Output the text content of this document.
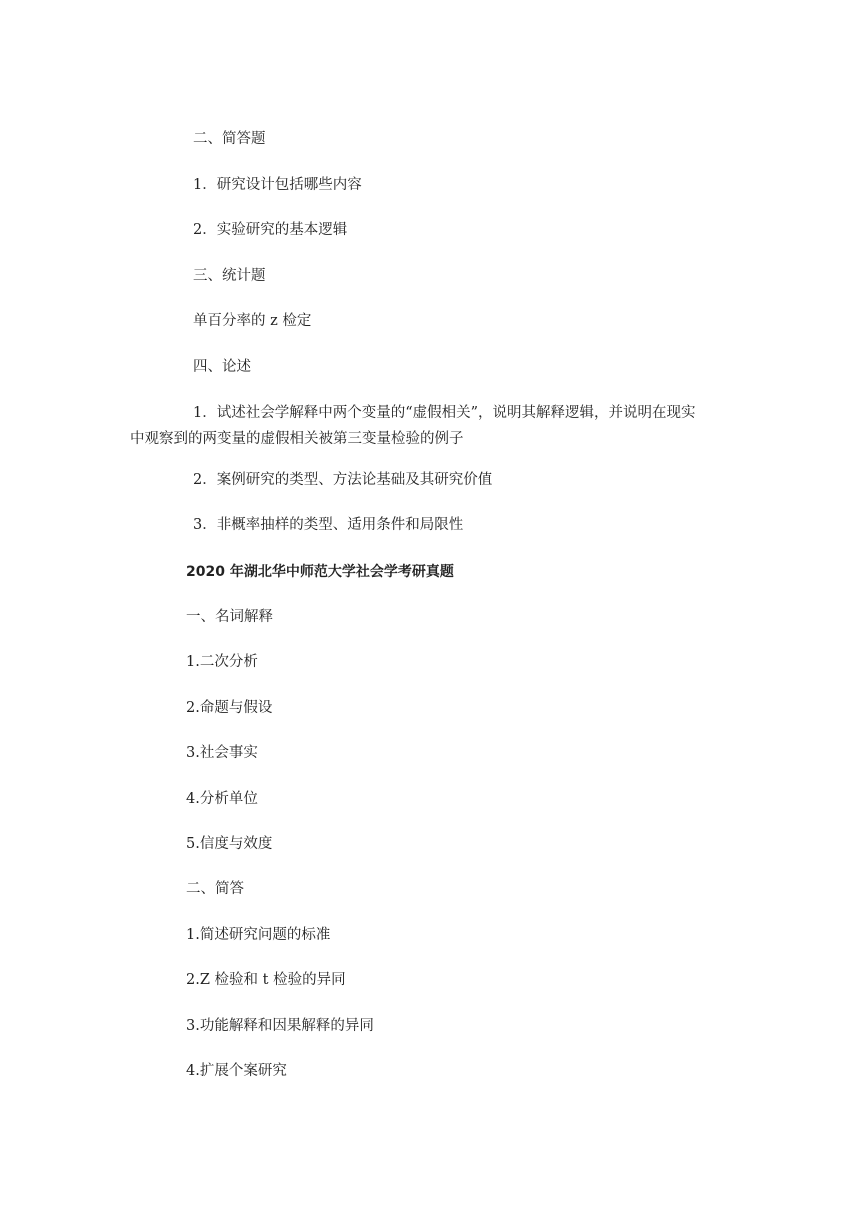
二、简答题
1．研究设计包括哪些内容
2．实验研究的基本逻辑
三、统计题
单百分率的 z 检定
四、论述
1．试述社会学解释中两个变量的“虚假相关”，说明其解释逻辑，并说明在现实
中观察到的两变量的虚假相关被第三变量检验的例子
2．案例研究的类型、方法论基础及其研究价值
3．非概率抽样的类型、适用条件和局限性
2020 年湖北华中师范大学社会学考研真题
一、名词解释
1.二次分析
2.命题与假设
3.社会事实
4.分析单位
5.信度与效度
二、简答
1.简述研究问题的标准
2.Z 检验和 t 检验的异同
3.功能解释和因果解释的异同
4.扩展个案研究
